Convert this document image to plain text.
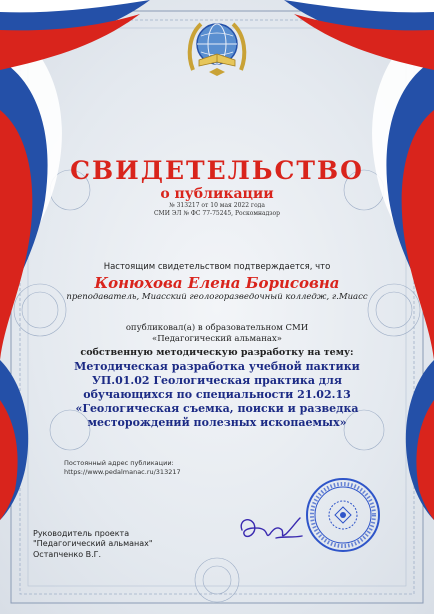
СВИДЕТЕЛЬСТВО
о публикации
№ 313217 от 10 мая 2022 года
СМИ ЭЛ № ФС 77-75245, Роскомнадзор
Настоящим свидетельством подтверждается, что
Конюхова Елена Борисовна
преподаватель, Миасский геологоразведочный колледж, г.Миасс
опубликовал(а) в образовательном СМИ
«Педагогический альманах»
собственную методическую разработку на тему:
Методическая разработка учебной пактики УП.01.02 Геологическая практика для обучающихся по специальности 21.02.13 «Геологическая съемка, поиски и разведка месторождений полезных ископаемых»
Постоянный адрес публикации:
https://www.pedalmanac.ru/313217
Руководитель проекта
"Педагогический альманах"
Остапченко В.Г.
